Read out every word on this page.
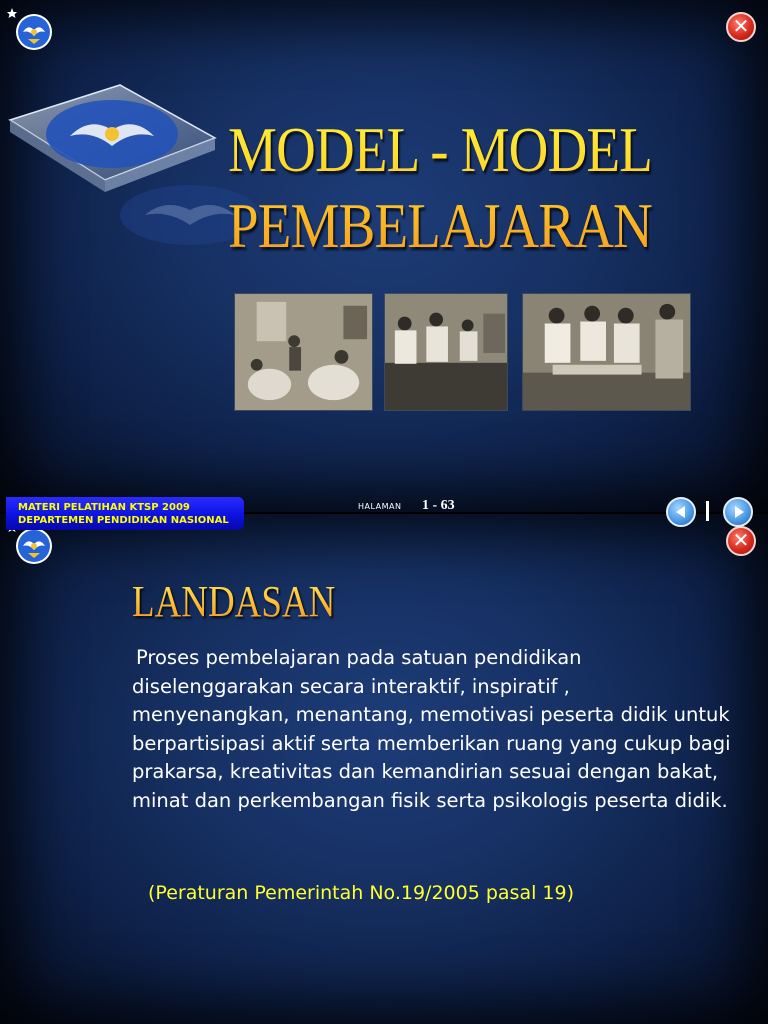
✕
MODEL - MODEL
PEMBELAJARAN
MATERI PELATIHAN KTSP 2009
DEPARTEMEN PENDIDIKAN NASIONAL
HALAMAN 1 - 63
✕
LANDASAN

Proses pembelajaran pada satuan pendidikan diselenggarakan secara interaktif, inspiratif , menyenangkan, menantang, memotivasi peserta didik untuk berpartisipasi aktif serta memberikan ruang yang cukup bagi prakarsa, kreativitas dan kemandirian sesuai dengan bakat, minat dan perkembangan fisik serta psikologis peserta didik.

(Peraturan Pemerintah No.19/2005 pasal 19)
